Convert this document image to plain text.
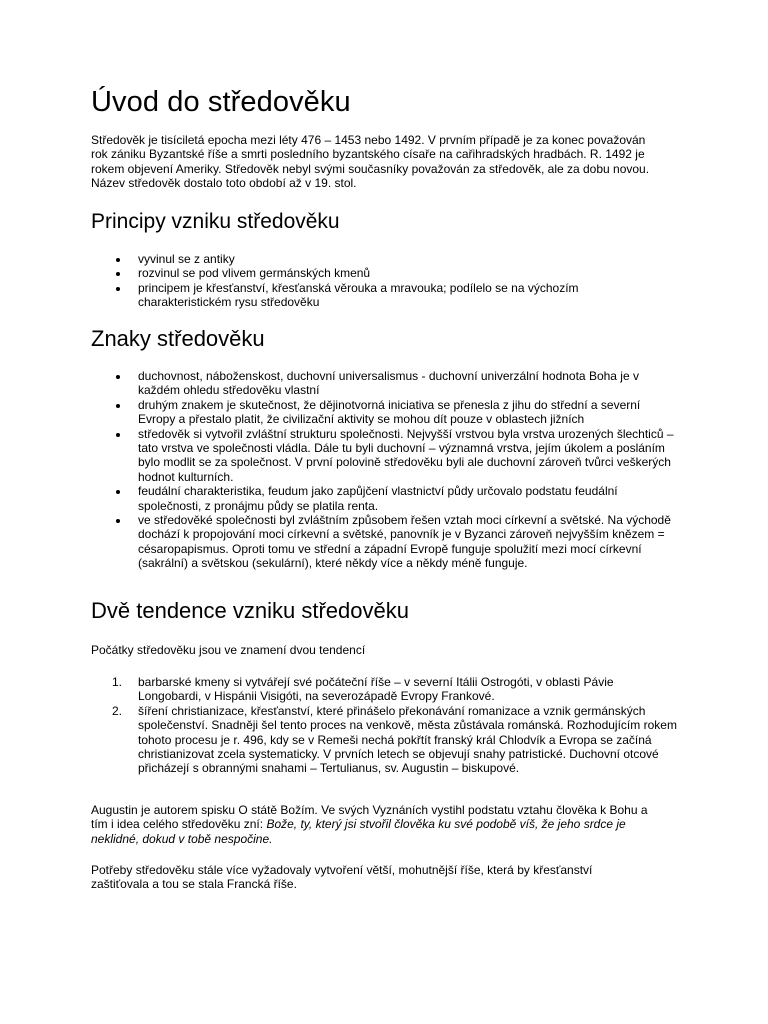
Úvod do středověku

Středověk je tisíciletá epocha mezi léty 476 – 1453 nebo 1492. V prvním případě je za konec považován rok zániku Byzantské říše a smrti posledního byzantského císaře na cařihradských hradbách. R. 1492 je rokem objevení Ameriky. Středověk nebyl svými současníky považován za středověk, ale za dobu novou. Název středověk dostalo toto období až v 19. stol.

Principy vzniku středověku
vyvinul se z antiky
rozvinul se pod vlivem germánských kmenů
principem je křesťanství, křesťanská věrouka a mravouka; podílelo se na výchozím charakteristickém rysu středověku
Znaky středověku
duchovnost, náboženskost, duchovní universalismus - duchovní univerzální hodnota Boha je v každém ohledu středověku vlastní
druhým znakem je skutečnost, že dějinotvorná iniciativa se přenesla z jihu do střední a severní Evropy a přestalo platit, že civilizační aktivity se mohou dít pouze v oblastech jižních
středověk si vytvořil zvláštní strukturu společnosti. Nejvyšší vrstvou byla vrstva urozených šlechticů – tato vrstva ve společnosti vládla. Dále tu byli duchovní – významná vrstva, jejím úkolem a posláním bylo modlit se za společnost. V první polovině středověku byli ale duchovní zároveň tvůrci veškerých hodnot kulturních.
feudální charakteristika, feudum jako zapůjčení vlastnictví půdy určovalo podstatu feudální společnosti, z pronájmu půdy se platila renta.
ve středověké společnosti byl zvláštním způsobem řešen vztah moci církevní a světské. Na východě dochází k propojování moci církevní a světské, panovník je v Byzanci zároveň nejvyšším knězem = césaropapismus. Oproti tomu ve střední a západní Evropě funguje spolužití mezi mocí církevní (sakrální) a světskou (sekulární), které někdy více a někdy méně funguje.
Dvě tendence vzniku středověku

Počátky středověku jsou ve znamení dvou tendencí

1. barbarské kmeny si vytvářejí své počáteční říše – v severní Itálii Ostrogóti, v oblasti Pávie Longobardi, v Hispánii Visigóti, na severozápadě Evropy Frankové.
2. šíření christianizace, křesťanství, které přinášelo překonávání romanizace a vznik germánských společenství. Snadněji šel tento proces na venkově, města zůstávala románská. Rozhodujícím rokem tohoto procesu je r. 496, kdy se v Remeši nechá pokřtít franský král Chlodvík a Evropa se začíná christianizovat zcela systematicky. V prvních letech se objevují snahy patristické. Duchovní otcové přicházejí s obrannými snahami – Tertulianus, sv. Augustin – biskupové.

Augustin je autorem spisku O státě Božím. Ve svých Vyznáních vystihl podstatu vztahu člověka k Bohu a tím i idea celého středověku zní: Bože, ty, který jsi stvořil člověka ku své podobě víš, že jeho srdce je neklidné, dokud v tobě nespočine.

Potřeby středověku stále více vyžadovaly vytvoření větší, mohutnější říše, která by křesťanství zaštiťovala a tou se stala Francká říše.
